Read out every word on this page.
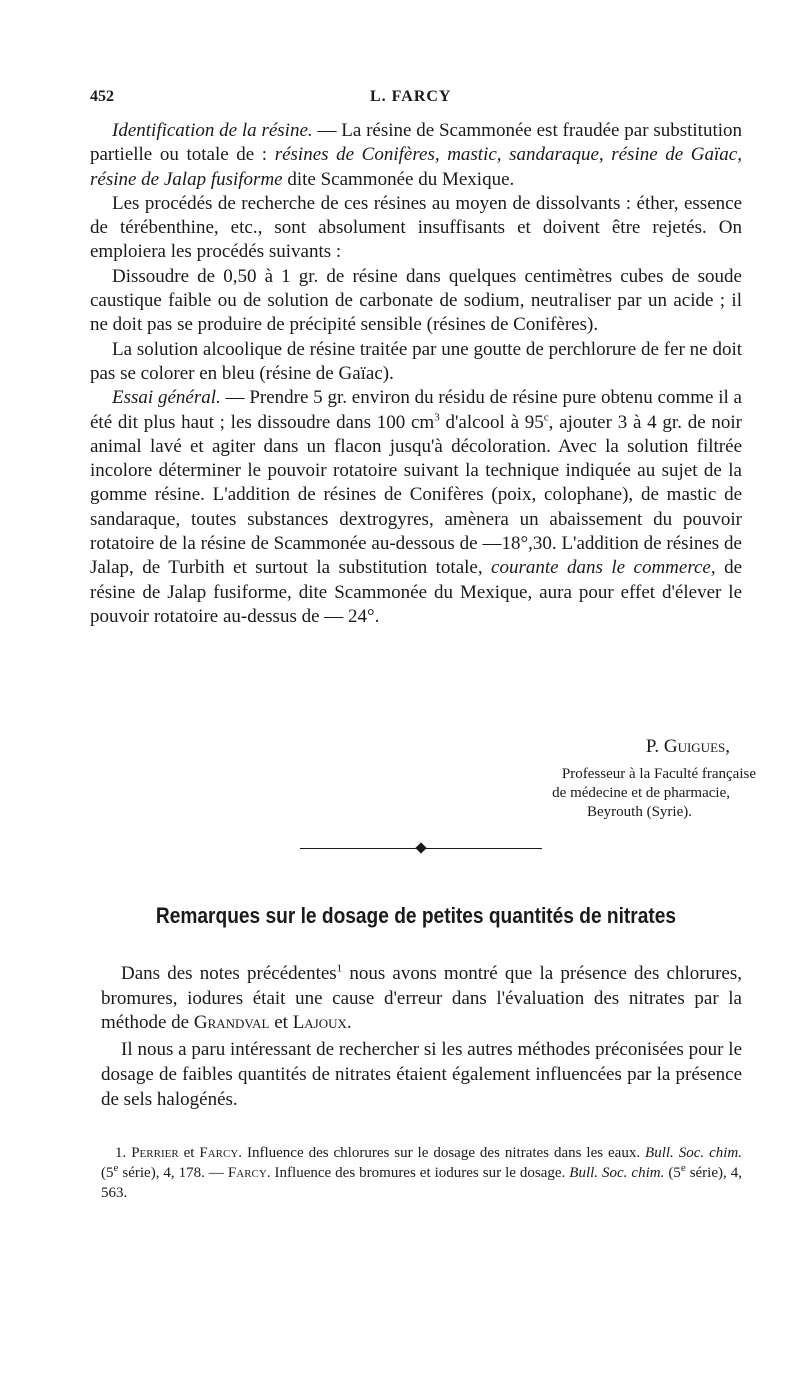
452	L. FARCY

Identification de la résine. — La résine de Scammonée est fraudée par substitution partielle ou totale de : résines de Conifères, mastic, sandaraque, résine de Gaïac, résine de Jalap fusiforme dite Scammonée du Mexique.

Les procédés de recherche de ces résines au moyen de dissolvants : éther, essence de térébenthine, etc., sont absolument insuffisants et doivent être rejetés. On emploiera les procédés suivants :

Dissoudre de 0,50 à 1 gr. de résine dans quelques centimètres cubes de soude caustique faible ou de solution de carbonate de sodium, neutraliser par un acide ; il ne doit pas se produire de précipité sensible (résines de Conifères).

La solution alcoolique de résine traitée par une goutte de perchlorure de fer ne doit pas se colorer en bleu (résine de Gaïac).

Essai général. — Prendre 5 gr. environ du résidu de résine pure obtenu comme il a été dit plus haut ; les dissoudre dans 100 $cm^3$ d'alcool à 95$^c$, ajouter 3 à 4 gr. de noir animal lavé et agiter dans un flacon jusqu'à décoloration. Avec la solution filtrée incolore déterminer le pouvoir rotatoire suivant la technique indiquée au sujet de la gomme résine. L'addition de résines de Conifères (poix, colophane), de mastic de sandaraque, toutes substances dextrogyres, amènera un abaissement du pouvoir rotatoire de la résine de Scammonée au-dessous de —18°,30. L'addition de résines de Jalap, de Turbith et surtout la substitution totale, courante dans le commerce, de résine de Jalap fusiforme, dite Scammonée du Mexique, aura pour effet d'élever le pouvoir rotatoire au-dessus de — 24°.

P. Guigues,
Professeur à la Faculté française
de médecine et de pharmacie,
Beyrouth (Syrie).
Remarques sur le dosage de petites quantités de nitrates

Dans des notes précédentes$^1$ nous avons montré que la présence des chlorures, bromures, iodures était une cause d'erreur dans l'évaluation des nitrates par la méthode de Grandval et Lajoux.

Il nous a paru intéressant de rechercher si les autres méthodes préconisées pour le dosage de faibles quantités de nitrates étaient également influencées par la présence de sels halogénés.

1. Perrier et Farcy. Influence des chlorures sur le dosage des nitrates dans les eaux. Bull. Soc. chim. (5e série), 4, 178. — Farcy. Influence des bromures et iodures sur le dosage. Bull. Soc. chim. (5e série), 4, 563.
